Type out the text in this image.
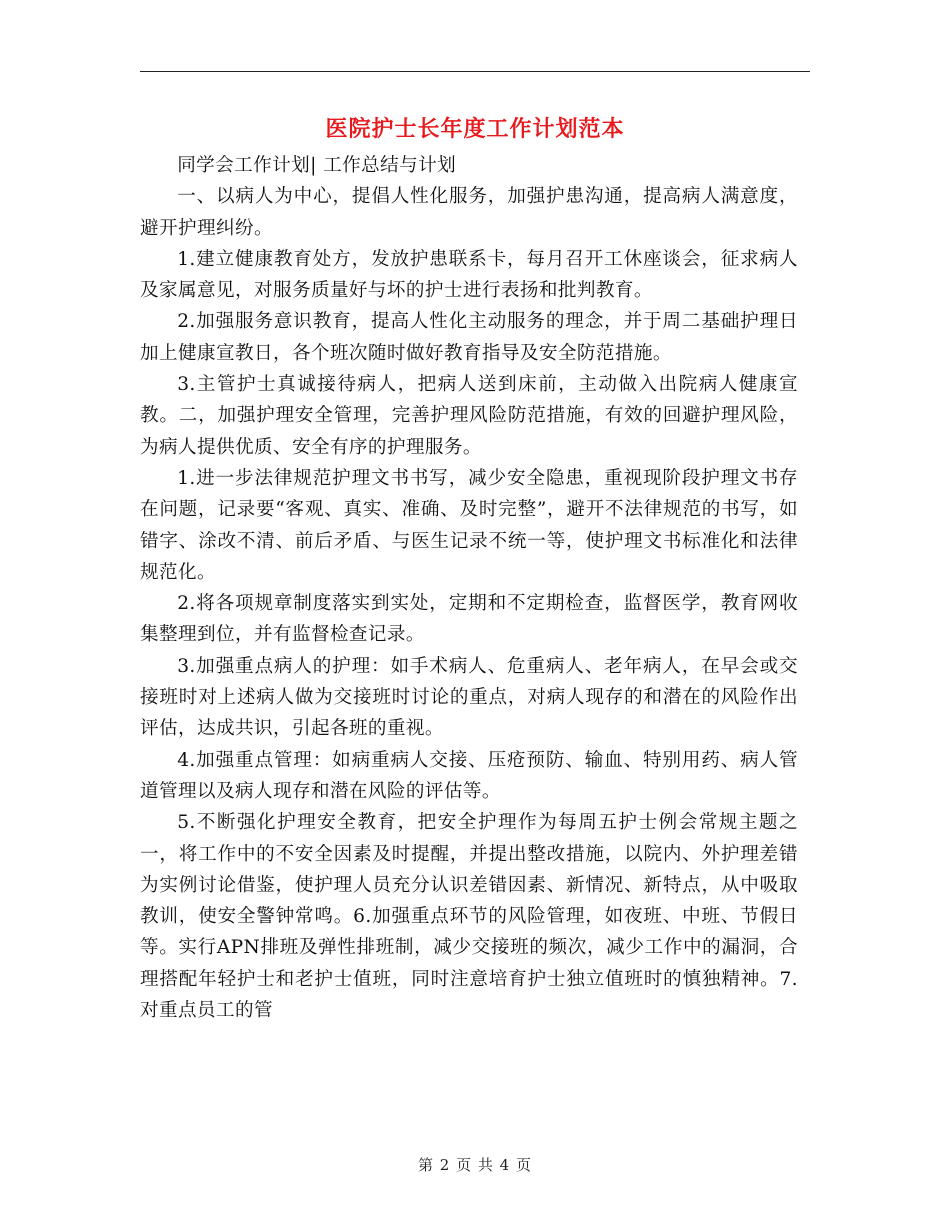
医院护士长年度工作计划范本

同学会工作计划| 工作总结与计划

一、以病人为中心，提倡人性化服务，加强护患沟通，提高病人满意度，避开护理纠纷。

1.建立健康教育处方，发放护患联系卡，每月召开工休座谈会，征求病人及家属意见，对服务质量好与坏的护士进行表扬和批判教育。

2.加强服务意识教育，提高人性化主动服务的理念，并于周二基础护理日加上健康宣教日，各个班次随时做好教育指导及安全防范措施。

3.主管护士真诚接待病人，把病人送到床前，主动做入出院病人健康宣教。二，加强护理安全管理，完善护理风险防范措施，有效的回避护理风险，为病人提供优质、安全有序的护理服务。

1.进一步法律规范护理文书书写，减少安全隐患，重视现阶段护理文书存在问题，记录要“客观、真实、准确、及时完整”，避开不法律规范的书写，如错字、涂改不清、前后矛盾、与医生记录不统一等，使护理文书标准化和法律规范化。

2.将各项规章制度落实到实处，定期和不定期检查，监督医学，教育网收集整理到位，并有监督检查记录。

3.加强重点病人的护理：如手术病人、危重病人、老年病人，在早会或交接班时对上述病人做为交接班时讨论的重点，对病人现存的和潜在的风险作出评估，达成共识，引起各班的重视。

4.加强重点管理：如病重病人交接、压疮预防、输血、特别用药、病人管道管理以及病人现存和潜在风险的评估等。

5.不断强化护理安全教育，把安全护理作为每周五护士例会常规主题之一，将工作中的不安全因素及时提醒，并提出整改措施，以院内、外护理差错为实例讨论借鉴，使护理人员充分认识差错因素、新情况、新特点，从中吸取教训，使安全警钟常鸣。6.加强重点环节的风险管理，如夜班、中班、节假日等。实行APN排班及弹性排班制，减少交接班的频次，减少工作中的漏洞，合理搭配年轻护士和老护士值班，同时注意培育护士独立值班时的慎独精神。7.对重点员工的管

第 2 页 共 4 页
